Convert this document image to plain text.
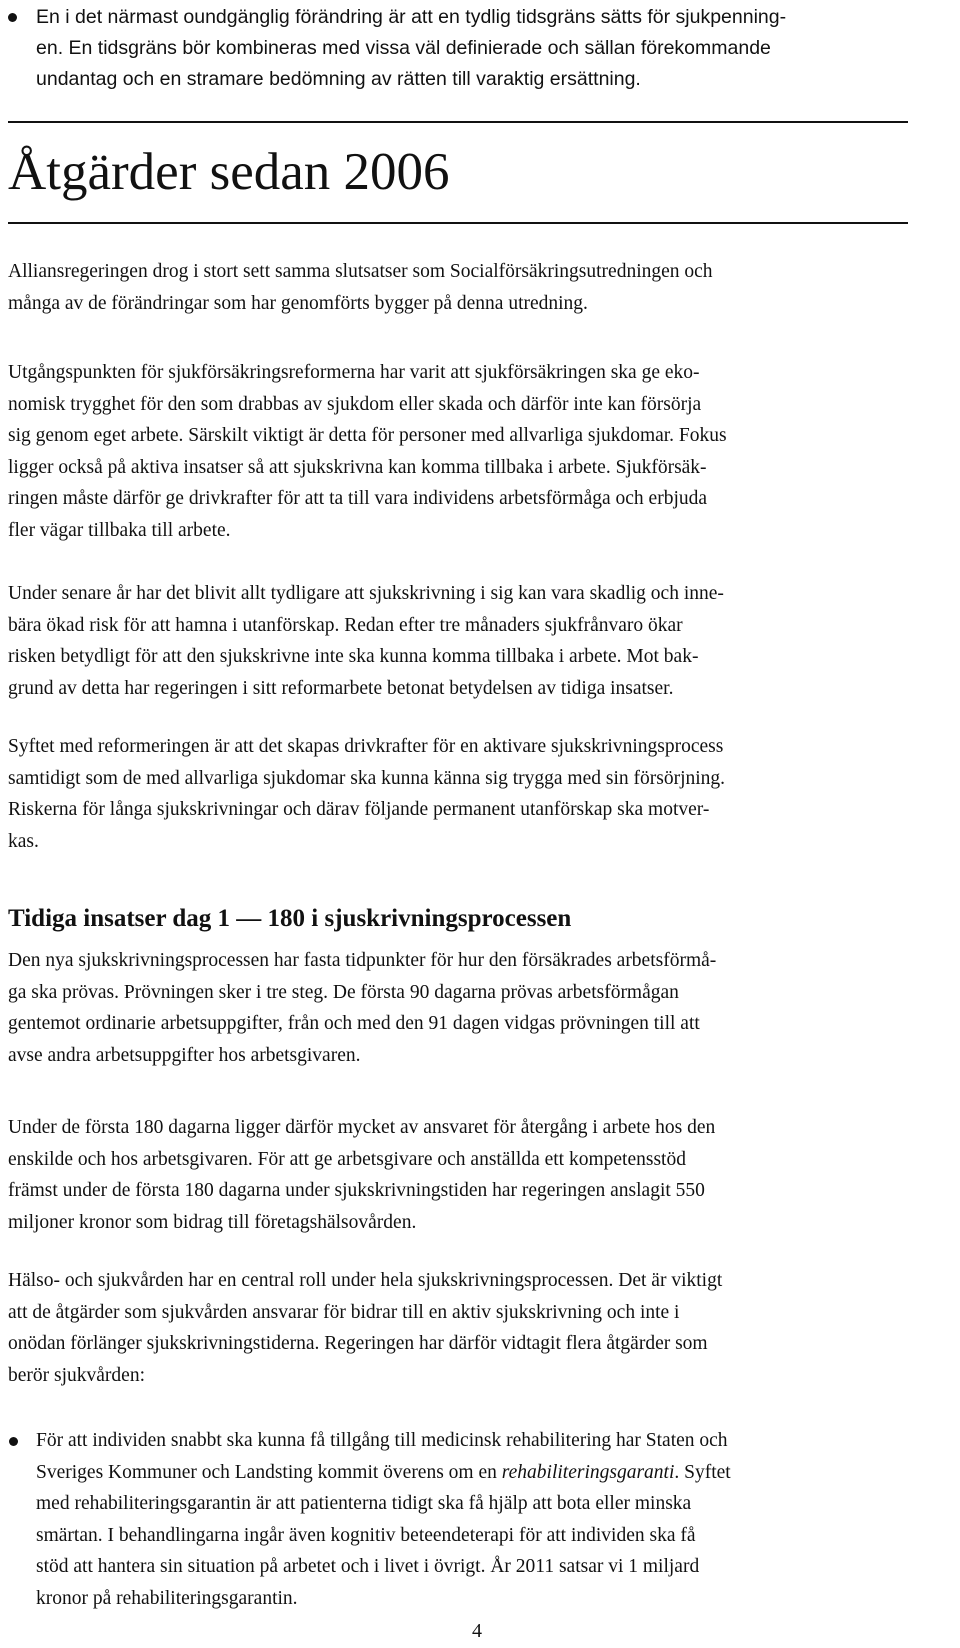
En i det närmast oundgänglig förändring är att en tydlig tidsgräns sätts för sjukpenning-
en. En tidsgräns bör kombineras med vissa väl definierade och sällan förekommande
undantag och en stramare bedömning av rätten till varaktig ersättning.
Åtgärder sedan 2006

Alliansregeringen drog i stort sett samma slutsatser som Socialförsäkringsutredningen och
många av de förändringar som har genomförts bygger på denna utredning.

Utgångspunkten för sjukförsäkringsreformerna har varit att sjukförsäkringen ska ge eko-
nomisk trygghet för den som drabbas av sjukdom eller skada och därför inte kan försörja
sig genom eget arbete. Särskilt viktigt är detta för personer med allvarliga sjukdomar. Fokus
ligger också på aktiva insatser så att sjukskrivna kan komma tillbaka i arbete. Sjukförsäk-
ringen måste därför ge drivkrafter för att ta till vara individens arbetsförmåga och erbjuda
fler vägar tillbaka till arbete.

Under senare år har det blivit allt tydligare att sjukskrivning i sig kan vara skadlig och inne-
bära ökad risk för att hamna i utanförskap. Redan efter tre månaders sjukfrånvaro ökar
risken betydligt för att den sjukskrivne inte ska kunna komma tillbaka i arbete. Mot bak-
grund av detta har regeringen i sitt reformarbete betonat betydelsen av tidiga insatser.

Syftet med reformeringen är att det skapas drivkrafter för en aktivare sjukskrivningsprocess
samtidigt som de med allvarliga sjukdomar ska kunna känna sig trygga med sin försörjning.
Riskerna för långa sjukskrivningar och därav följande permanent utanförskap ska motver-
kas.

Tidiga insatser dag 1 — 180 i sjuskrivningsprocessen

Den nya sjukskrivningsprocessen har fasta tidpunkter för hur den försäkrades arbetsförmå-
ga ska prövas. Prövningen sker i tre steg. De första 90 dagarna prövas arbetsförmågan
gentemot ordinarie arbetsuppgifter, från och med den 91 dagen vidgas prövningen till att
avse andra arbetsuppgifter hos arbetsgivaren.

Under de första 180 dagarna ligger därför mycket av ansvaret för återgång i arbete hos den
enskilde och hos arbetsgivaren. För att ge arbetsgivare och anställda ett kompetensstöd
främst under de första 180 dagarna under sjukskrivningstiden har regeringen anslagit 550
miljoner kronor som bidrag till företagshälsovården.

Hälso- och sjukvården har en central roll under hela sjukskrivningsprocessen. Det är viktigt
att de åtgärder som sjukvården ansvarar för bidrar till en aktiv sjukskrivning och inte i
onödan förlänger sjukskrivningstiderna. Regeringen har därför vidtagit flera åtgärder som
berör sjukvården:

För att individen snabbt ska kunna få tillgång till medicinsk rehabilitering har Staten och
Sveriges Kommuner och Landsting kommit överens om en rehabiliteringsgaranti. Syftet
med rehabiliteringsgarantin är att patienterna tidigt ska få hjälp att bota eller minska
smärtan. I behandlingarna ingår även kognitiv beteendeterapi för att individen ska få
stöd att hantera sin situation på arbetet och i livet i övrigt. År 2011 satsar vi 1 miljard
kronor på rehabiliteringsgarantin.
4
